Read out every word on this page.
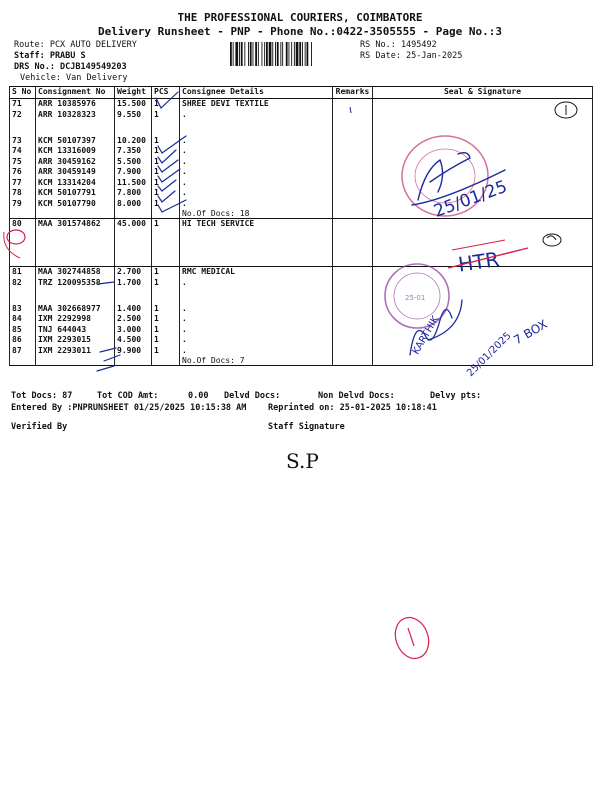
THE PROFESSIONAL COURIERS, COIMBATORE
Delivery Runsheet - PNP - Phone No.:0422-3505555 - Page No.:3
Route: PCX AUTO DELIVERY
Staff: PRABU S
DRS No.: DCJB149549203
Vehicle: Van Delivery
RS No.: 1495492
RS Date: 25-Jan-2025
S No	Consignment No	Weight	PCS	Consignee Details	Remarks	Seal & Signature
71	ARR 10385976	15.500	1	SHREE DEVI TEXTILE		
72	ARR 10328323	9.550	1	.		
73	KCM 50107397	10.200	1	.		
74	KCM 13316009	7.350	1	.		
75	ARR 30459162	5.500	1	.		
76	ARR 30459149	7.900	1	.		
77	KCM 13314204	11.500	1	.		
78	KCM 50107791	7.800	1	.		
79	KCM 50107790	8.000	1	.
No.Of Docs: 18		

80	MAA 301574862	45.000	1	HI TECH SERVICE		
81	MAA 302744858	2.700	1	RMC MEDICAL		
82	TRZ 120095358	1.700	1	.		
83	MAA 302668977	1.400	1	.		
84	IXM 2292998	2.500	1	.		
85	TNJ 644043	3.000	1	.		
86	IXM 2293015	4.500	1	.		
87	IXM 2293011	9.900	1	.
No.Of Docs: 7		

Tot Docs: 87	Tot COD Amt:	0.00 Delvd Docs:	Non Delvd Docs:	Delvy pts:
Entered By :PNPRUNSHEET 01/25/2025 10:15:38 AM	Reprinted on: 25-01-2025 10:18:41
Verified By	Staff Signature
25/01/25
HTR
25-01
KARTHIK 25/01/2025
7 BOX
S.P
